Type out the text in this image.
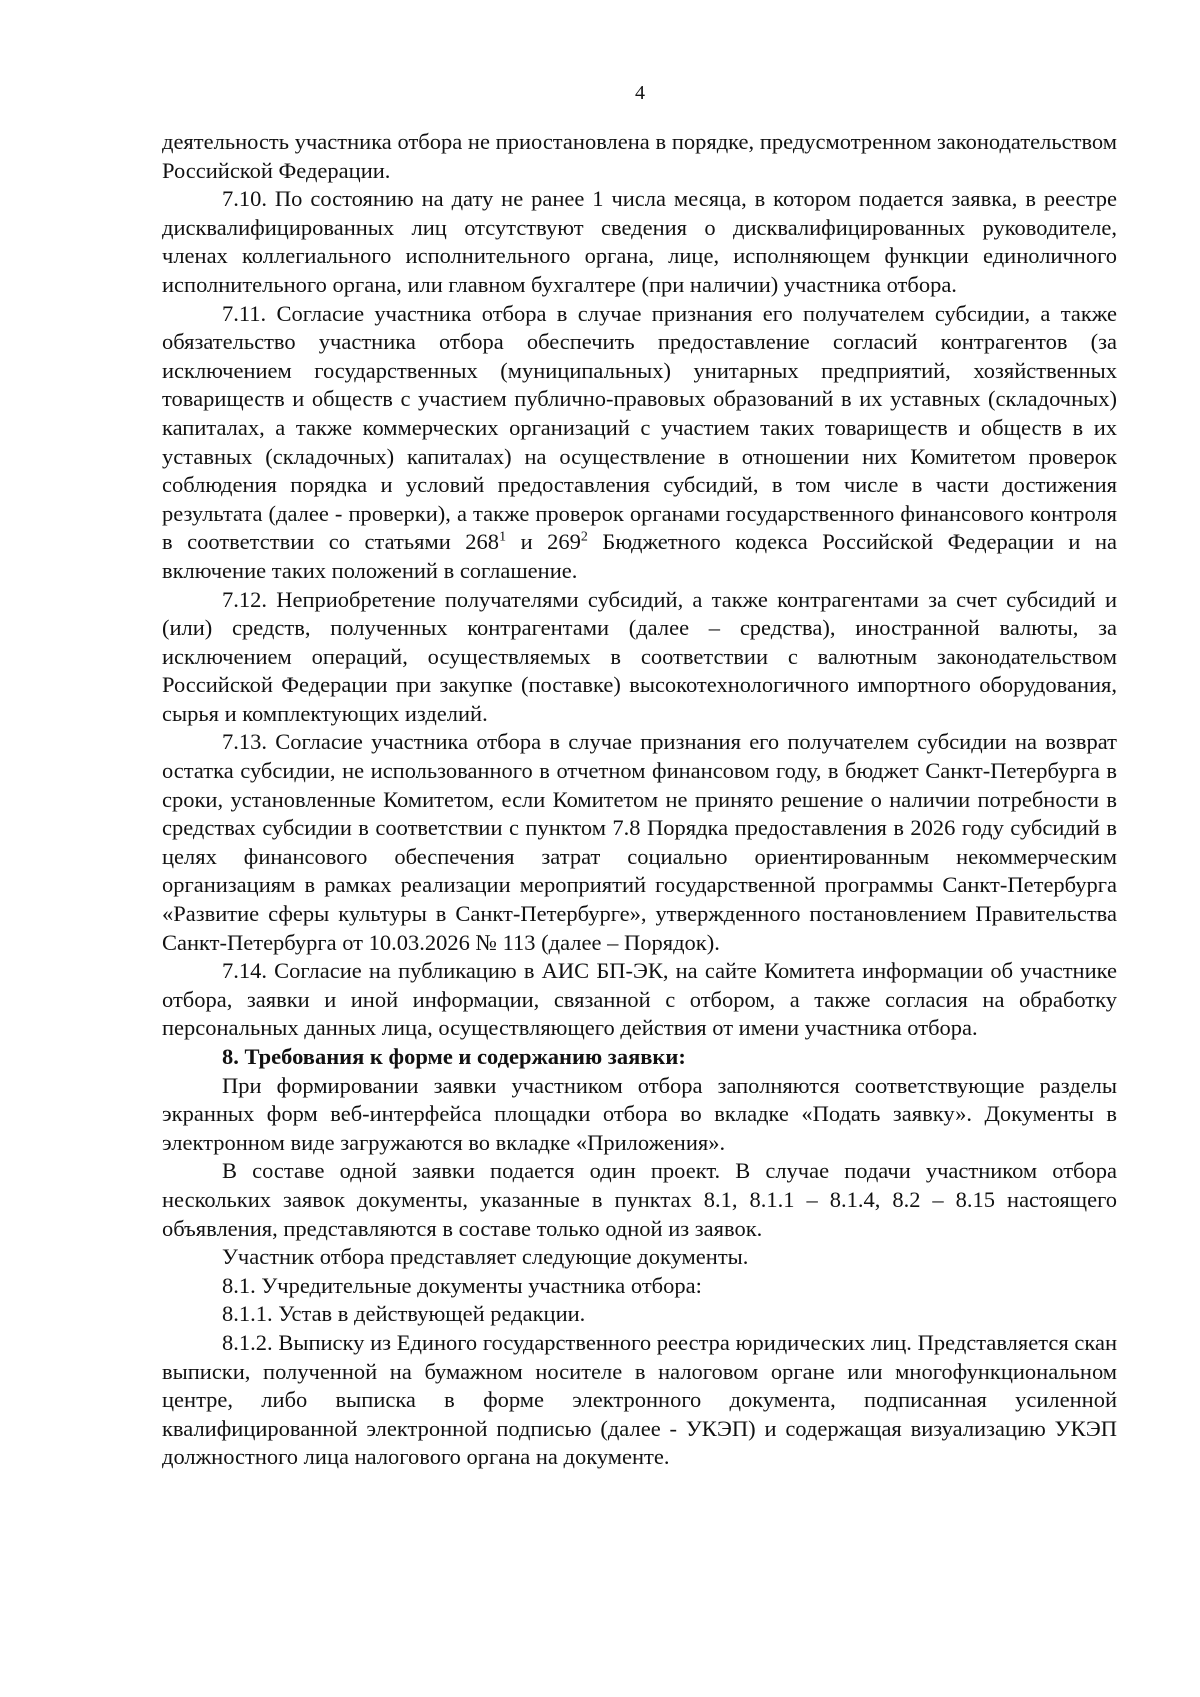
4

деятельность участника отбора не приостановлена в порядке, предусмотренном законодательством Российской Федерации.

7.10. По состоянию на дату не ранее 1 числа месяца, в котором подается заявка, в реестре дисквалифицированных лиц отсутствуют сведения о дисквалифицированных руководителе, членах коллегиального исполнительного органа, лице, исполняющем функции единоличного исполнительного органа, или главном бухгалтере (при наличии) участника отбора.

7.11. Согласие участника отбора в случае признания его получателем субсидии, а также обязательство участника отбора обеспечить предоставление согласий контрагентов (за исключением государственных (муниципальных) унитарных предприятий, хозяйственных товариществ и обществ с участием публично-правовых образований в их уставных (складочных) капиталах, а также коммерческих организаций с участием таких товариществ и обществ в их уставных (складочных) капиталах) на осуществление в отношении них Комитетом проверок соблюдения порядка и условий предоставления субсидий, в том числе в части достижения результата (далее - проверки), а также проверок органами государственного финансового контроля в соответствии со статьями $268^1$ и $269^2$ Бюджетного кодекса Российской Федерации и на включение таких положений в соглашение.

7.12. Неприобретение получателями субсидий, а также контрагентами за счет субсидий и (или) средств, полученных контрагентами (далее – средства), иностранной валюты, за исключением операций, осуществляемых в соответствии с валютным законодательством Российской Федерации при закупке (поставке) высокотехнологичного импортного оборудования, сырья и комплектующих изделий.

7.13. Согласие участника отбора в случае признания его получателем субсидии на возврат остатка субсидии, не использованного в отчетном финансовом году, в бюджет Санкт-Петербурга в сроки, установленные Комитетом, если Комитетом не принято решение о наличии потребности в средствах субсидии в соответствии с пунктом 7.8 Порядка предоставления в 2026 году субсидий в целях финансового обеспечения затрат социально ориентированным некоммерческим организациям в рамках реализации мероприятий государственной программы Санкт-Петербурга «Развитие сферы культуры в Санкт-Петербурге», утвержденного постановлением Правительства Санкт-Петербурга от 10.03.2026 № 113 (далее – Порядок).

7.14. Согласие на публикацию в АИС БП-ЭК, на сайте Комитета информации об участнике отбора, заявки и иной информации, связанной с отбором, а также согласия на обработку персональных данных лица, осуществляющего действия от имени участника отбора.

8. Требования к форме и содержанию заявки:

При формировании заявки участником отбора заполняются соответствующие разделы экранных форм веб-интерфейса площадки отбора во вкладке «Подать заявку». Документы в электронном виде загружаются во вкладке «Приложения».

В составе одной заявки подается один проект. В случае подачи участником отбора нескольких заявок документы, указанные в пунктах 8.1, 8.1.1 – 8.1.4, 8.2 – 8.15 настоящего объявления, представляются в составе только одной из заявок.

Участник отбора представляет следующие документы.

8.1. Учредительные документы участника отбора:

8.1.1. Устав в действующей редакции.

8.1.2. Выписку из Единого государственного реестра юридических лиц. Представляется скан выписки, полученной на бумажном носителе в налоговом органе или многофункциональном центре, либо выписка в форме электронного документа, подписанная усиленной квалифицированной электронной подписью (далее - УКЭП) и содержащая визуализацию УКЭП должностного лица налогового органа на документе.
